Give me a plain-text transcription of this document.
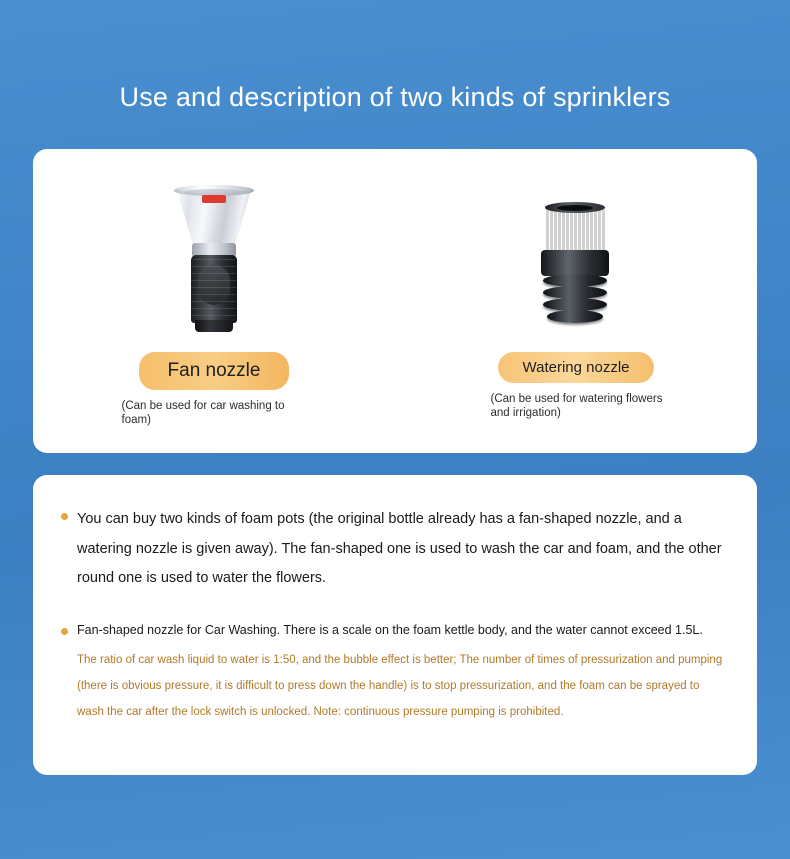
Use and description of two kinds of sprinklers
Fan nozzle
(Can be used for car washing to foam)
Watering nozzle
(Can be used for watering flowers and irrigation)
You can buy two kinds of foam pots (the original bottle already has a fan-shaped nozzle, and a watering nozzle is given away). The fan-shaped one is used to wash the car and foam, and the other round one is used to water the flowers.
Fan-shaped nozzle for Car Washing. There is a scale on the foam kettle body, and the water cannot exceed 1.5L.
The ratio of car wash liquid to water is 1:50, and the bubble effect is better; The number of times of pressurization and pumping (there is obvious pressure, it is difficult to press down the handle) is to stop pressurization, and the foam can be sprayed to wash the car after the lock switch is unlocked. Note: continuous pressure pumping is prohibited.
